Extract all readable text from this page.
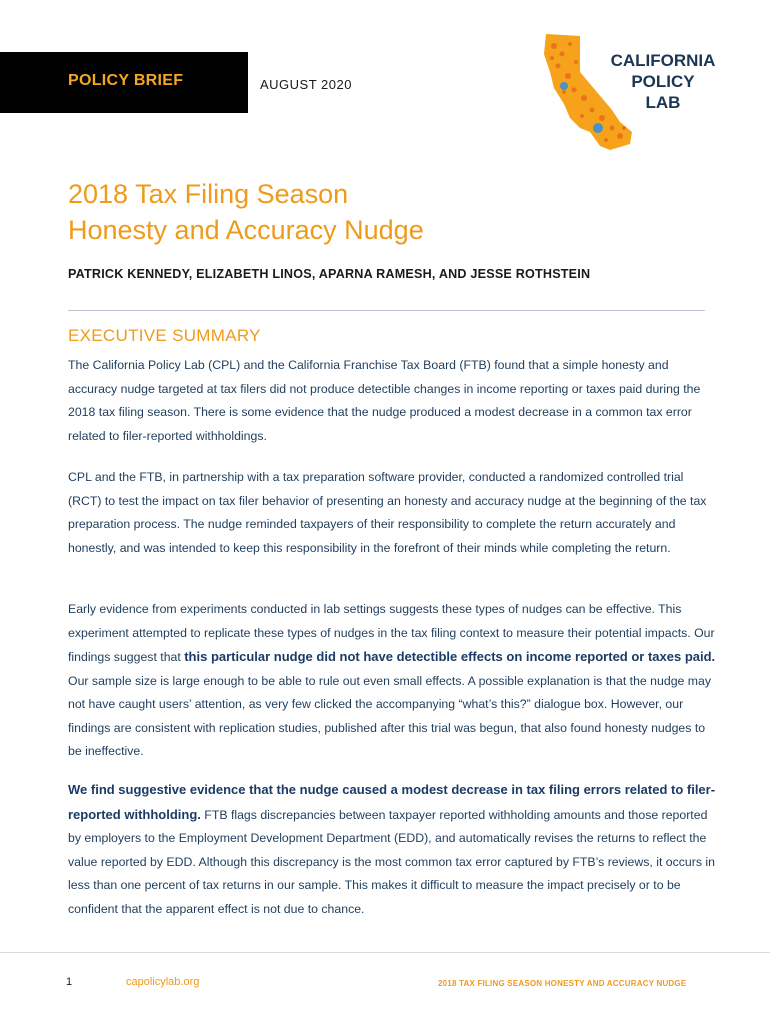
POLICY BRIEF	AUGUST 2020
CALIFORNIA
POLICY
LAB
2018 Tax Filing Season
Honesty and Accuracy Nudge
PATRICK KENNEDY, ELIZABETH LINOS, APARNA RAMESH, AND JESSE ROTHSTEIN
EXECUTIVE SUMMARY
The California Policy Lab (CPL) and the California Franchise Tax Board (FTB) found that a simple honesty and accuracy nudge targeted at tax filers did not produce detectible changes in income reporting or taxes paid during the 2018 tax filing season. There is some evidence that the nudge produced a modest decrease in a common tax error related to filer-reported withholdings.
CPL and the FTB, in partnership with a tax preparation software provider, conducted a randomized controlled trial (RCT) to test the impact on tax filer behavior of presenting an honesty and accuracy nudge at the beginning of the tax preparation process. The nudge reminded taxpayers of their responsibility to complete the return accurately and honestly, and was intended to keep this responsibility in the forefront of their minds while completing the return.
Early evidence from experiments conducted in lab settings suggests these types of nudges can be effective. This experiment attempted to replicate these types of nudges in the tax filing context to measure their potential impacts. Our findings suggest that this particular nudge did not have detectible effects on income reported or taxes paid. Our sample size is large enough to be able to rule out even small effects. A possible explanation is that the nudge may not have caught users’ attention, as very few clicked the accompanying “what’s this?” dialogue box. However, our findings are consistent with replication studies, published after this trial was begun, that also found honesty nudges to be ineffective.
We find suggestive evidence that the nudge caused a modest decrease in tax filing errors related to filer-reported withholding. FTB flags discrepancies between taxpayer reported withholding amounts and those reported by employers to the Employment Development Department (EDD), and automatically revises the returns to reflect the value reported by EDD. Although this discrepancy is the most common tax error captured by FTB’s reviews, it occurs in less than one percent of tax returns in our sample. This makes it difficult to measure the impact precisely or to be confident that the apparent effect is not due to chance.
1	capolicylab.org	2018 TAX FILING SEASON HONESTY AND ACCURACY NUDGE
